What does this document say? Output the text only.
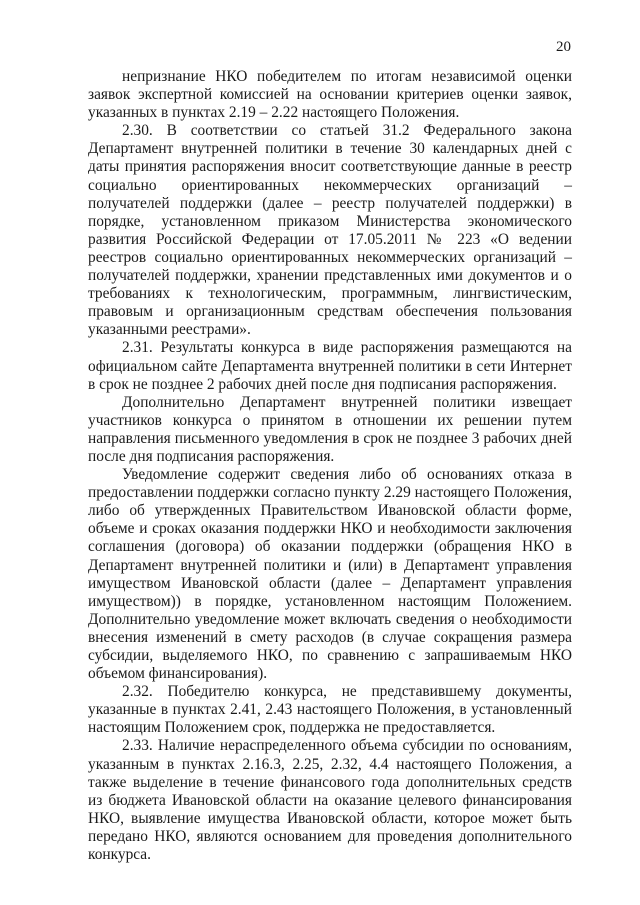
20

непризнание НКО победителем по итогам независимой оценки заявок экспертной комиссией на основании критериев оценки заявок, указанных в пунктах 2.19 – 2.22 настоящего Положения.

2.30. В соответствии со статьей 31.2 Федерального закона Департамент внутренней политики в течение 30 календарных дней с даты принятия распоряжения вносит соответствующие данные в реестр социально ориентированных некоммерческих организаций – получателей поддержки (далее – реестр получателей поддержки) в порядке, установленном приказом Министерства экономического развития Российской Федерации от 17.05.2011 № 223 «О ведении реестров социально ориентированных некоммерческих организаций – получателей поддержки, хранении представленных ими документов и о требованиях к технологическим, программным, лингвистическим, правовым и организационным средствам обеспечения пользования указанными реестрами».

2.31. Результаты конкурса в виде распоряжения размещаются на официальном сайте Департамента внутренней политики в сети Интернет в срок не позднее 2 рабочих дней после дня подписания распоряжения.

Дополнительно Департамент внутренней политики извещает участников конкурса о принятом в отношении их решении путем направления письменного уведомления в срок не позднее 3 рабочих дней после дня подписания распоряжения.

Уведомление содержит сведения либо об основаниях отказа в предоставлении поддержки согласно пункту 2.29 настоящего Положения, либо об утвержденных Правительством Ивановской области форме, объеме и сроках оказания поддержки НКО и необходимости заключения соглашения (договора) об оказании поддержки (обращения НКО в Департамент внутренней политики и (или) в Департамент управления имуществом Ивановской области (далее – Департамент управления имуществом)) в порядке, установленном настоящим Положением. Дополнительно уведомление может включать сведения о необходимости внесения изменений в смету расходов (в случае сокращения размера субсидии, выделяемого НКО, по сравнению с запрашиваемым НКО объемом финансирования).

2.32. Победителю конкурса, не представившему документы, указанные в пунктах 2.41, 2.43 настоящего Положения, в установленный настоящим Положением срок, поддержка не предоставляется.

2.33. Наличие нераспределенного объема субсидии по основаниям, указанным в пунктах 2.16.3, 2.25, 2.32, 4.4 настоящего Положения, а также выделение в течение финансового года дополнительных средств из бюджета Ивановской области на оказание целевого финансирования НКО, выявление имущества Ивановской области, которое может быть передано НКО, являются основанием для проведения дополнительного конкурса.
